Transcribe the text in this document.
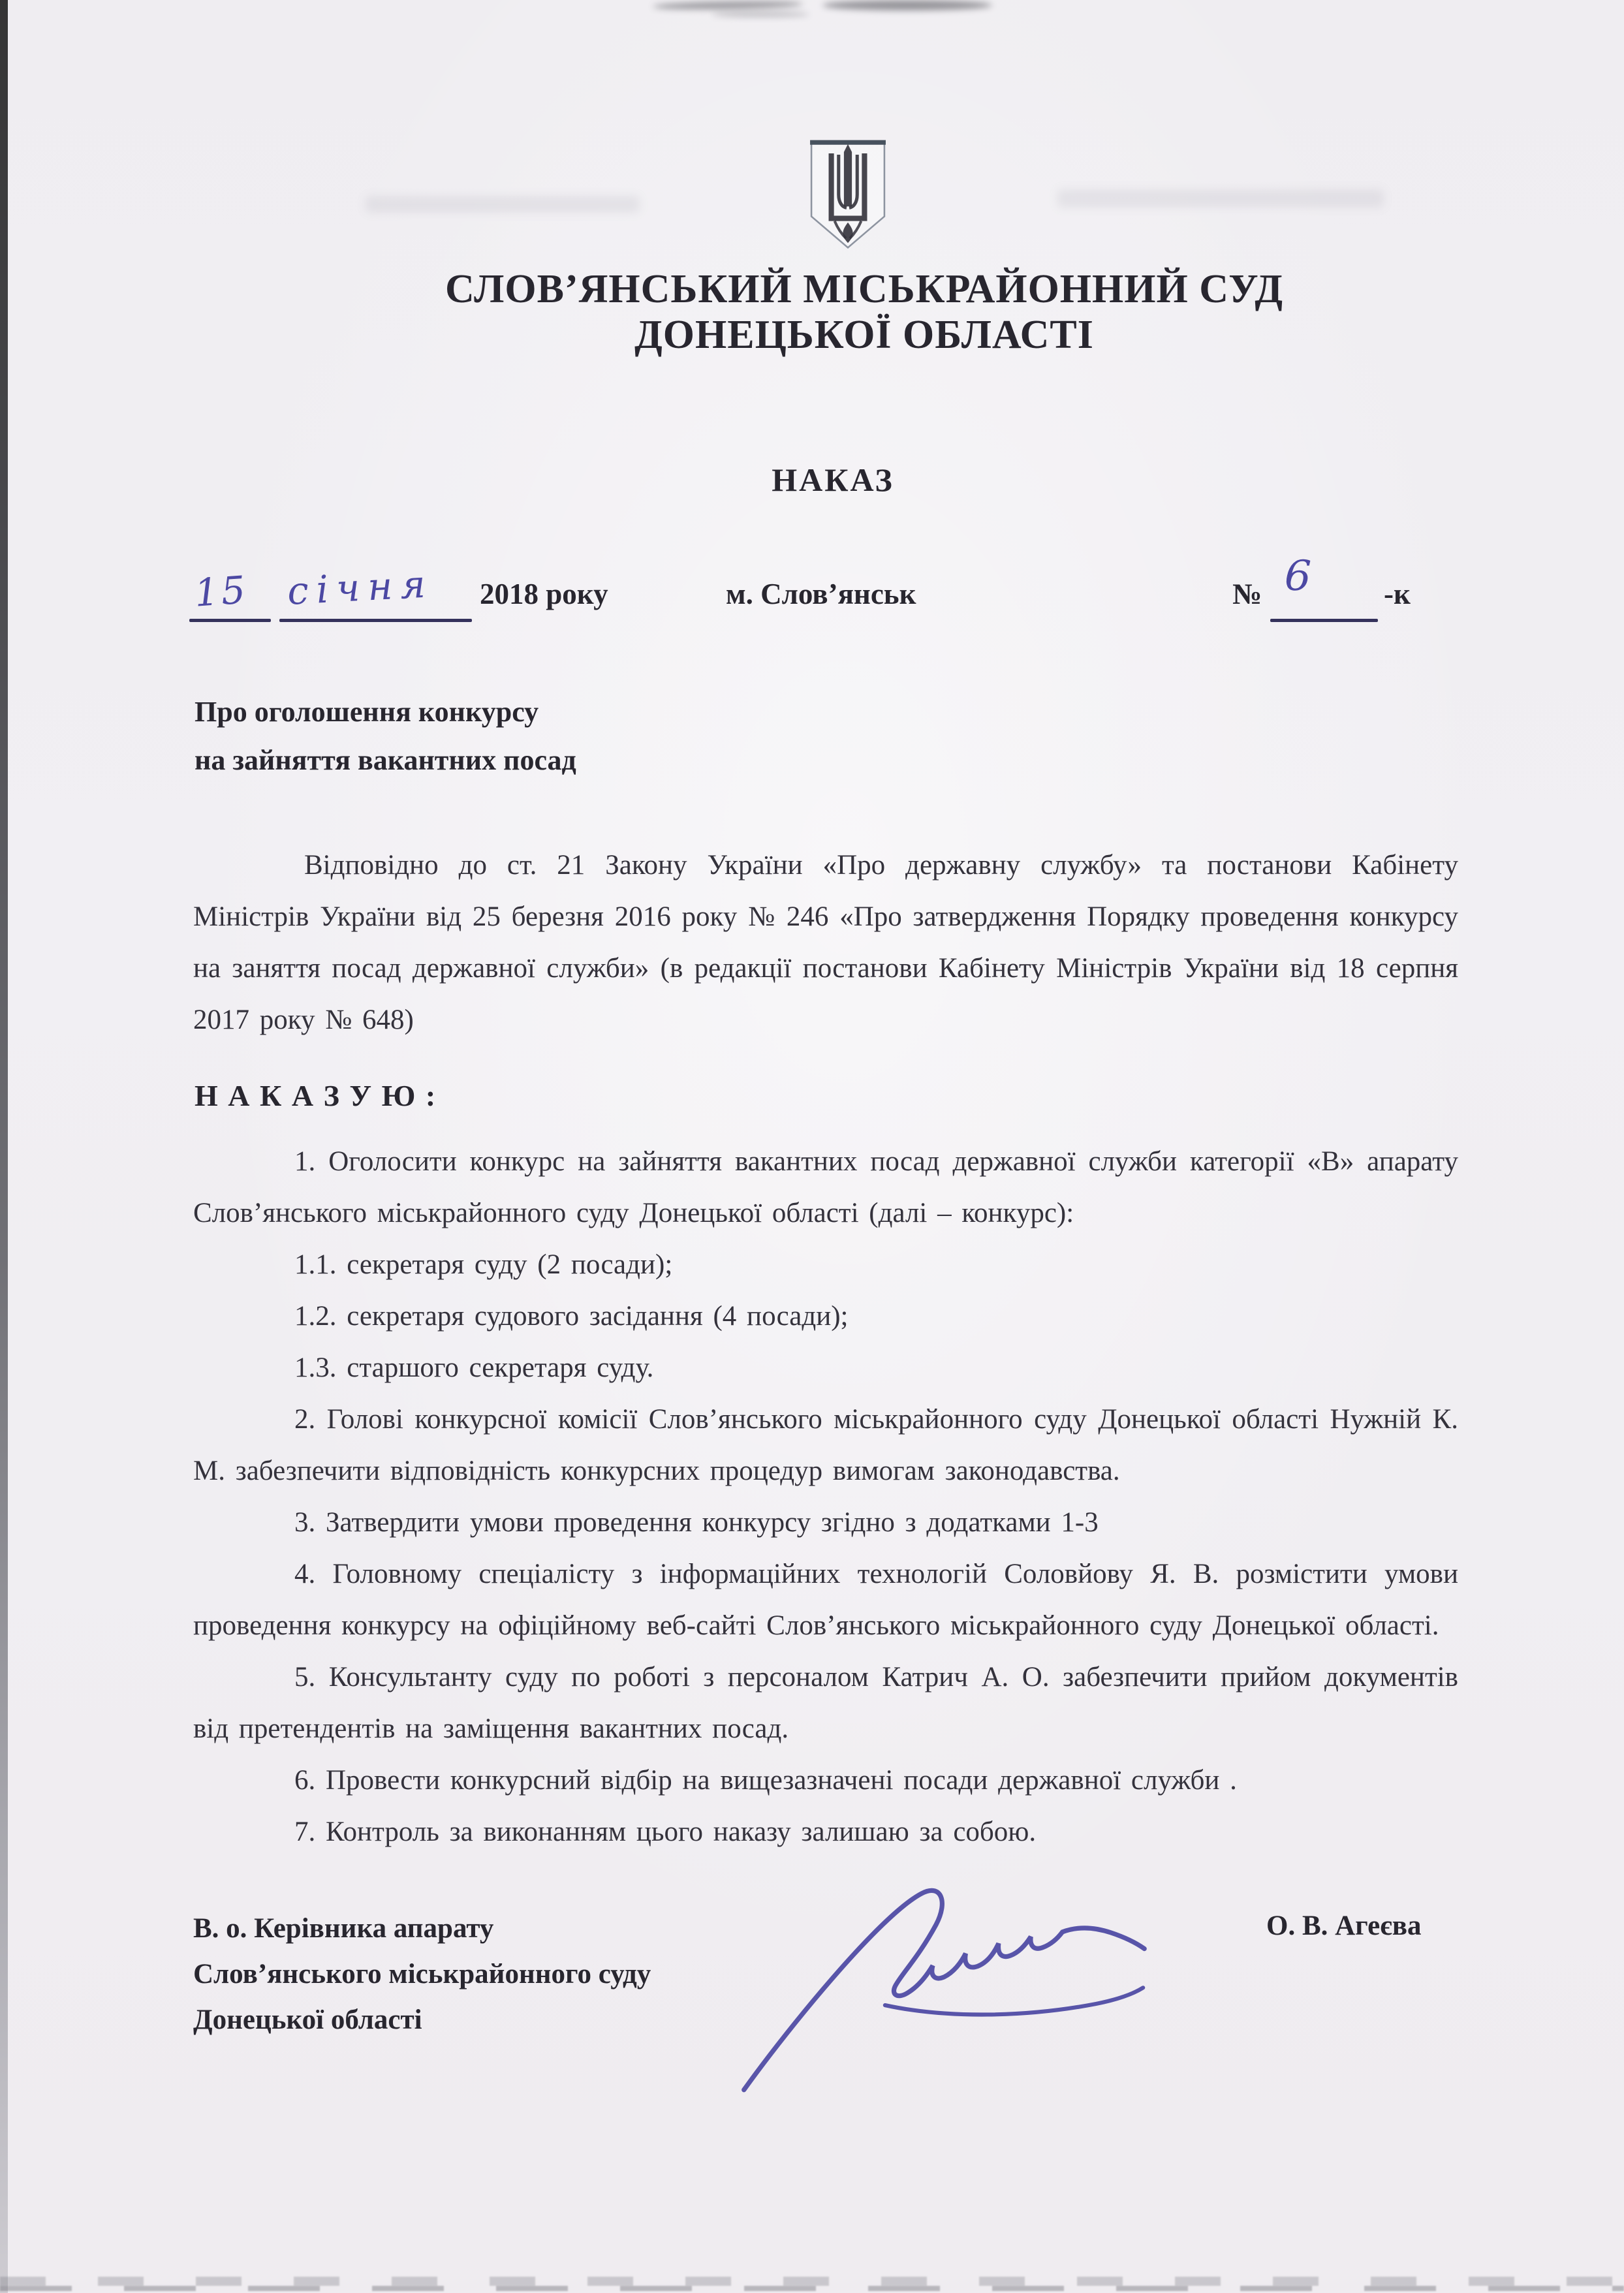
СЛОВ’ЯНСЬКИЙ МІСЬКРАЙОННИЙ СУД
ДОНЕЦЬКОЇ ОБЛАСТІ
НАКАЗ
15 січня 2018 року	м. Слов’янськ	№ 6 -к
Про оголошення конкурсу
на зайняття вакантних посад
Відповідно до ст. 21 Закону України «Про державну службу» та постанови Кабінету Міністрів України від 25 березня 2016 року № 246 «Про затвердження Порядку проведення конкурсу на заняття посад державної служби» (в редакції постанови Кабінету Міністрів України від 18 серпня 2017 року № 648)
Н А К А З У Ю :

1. Оголосити конкурс на зайняття вакантних посад державної служби категорії «В» апарату Слов’янського міськрайонного суду Донецької області (далі – конкурс):

1.1. секретаря суду (2 посади);

1.2. секретаря судового засідання (4 посади);

1.3. старшого секретаря суду.

2. Голові конкурсної комісії Слов’янського міськрайонного суду Донецької області Нужній К. М. забезпечити відповідність конкурсних процедур вимогам законодавства.

3. Затвердити умови проведення конкурсу згідно з додатками 1-3

4. Головному спеціалісту з інформаційних технологій Соловйову Я. В. розмістити умови проведення конкурсу на офіційному веб-сайті Слов’янського міськрайонного суду Донецької області.

5. Консультанту суду по роботі з персоналом Катрич А. О. забезпечити прийом документів від претендентів на заміщення вакантних посад.

6. Провести конкурсний відбір на вищезазначені посади державної служби .

7. Контроль за виконанням цього наказу залишаю за собою.

В. о. Керівника апарату
Слов’янського міськрайонного суду
Донецької області
О. В. Агеєва
